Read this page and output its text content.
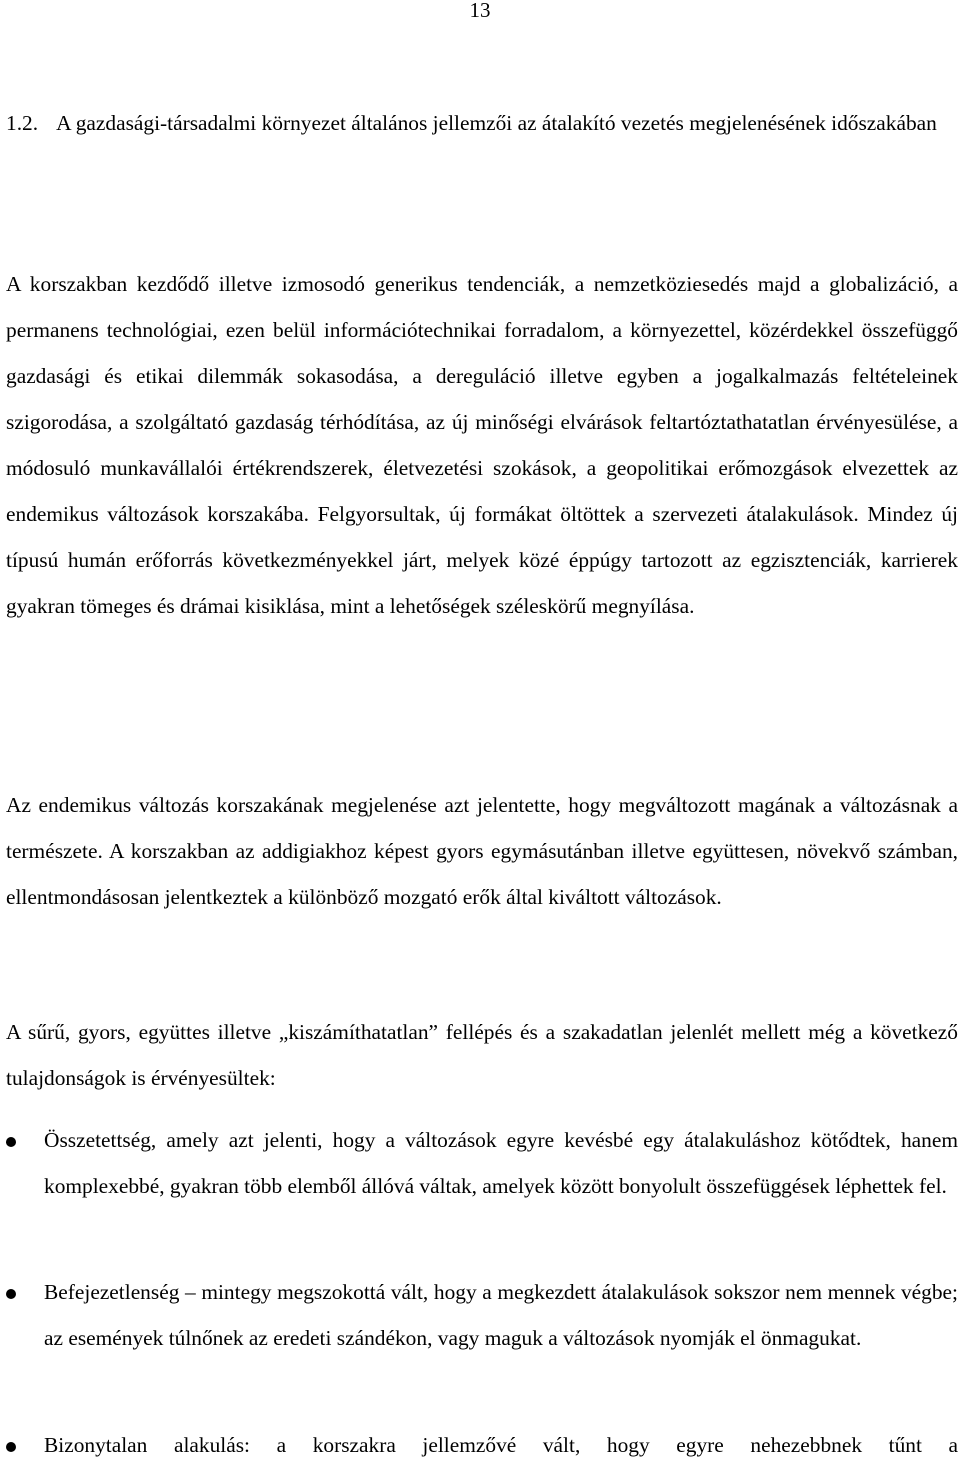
13
1.2. A gazdasági-társadalmi környezet általános jellemzői az átalakító vezetés megjelenésének időszakában

A korszakban kezdődő illetve izmosodó generikus tendenciák, a nemzetköziesedés majd a globalizáció, a permanens technológiai, ezen belül információtechnikai forradalom, a környezettel, közérdekkel összefüggő gazdasági és etikai dilemmák sokasodása, a dereguláció illetve egyben a jogalkalmazás feltételeinek szigorodása, a szolgáltató gazdaság térhódítása, az új minőségi elvárások feltartóztathatatlan érvényesülése, a módosuló munkavállalói értékrendszerek, életvezetési szokások, a geopolitikai erőmozgások elvezettek az endemikus változások korszakába. Felgyorsultak, új formákat öltöttek a szervezeti átalakulások. Mindez új típusú humán erőforrás következményekkel járt, melyek közé éppúgy tartozott az egzisztenciák, karrierek gyakran tömeges és drámai kisiklása, mint a lehetőségek széleskörű megnyílása.

Az endemikus változás korszakának megjelenése azt jelentette, hogy megváltozott magának a változásnak a természete. A korszakban az addigiakhoz képest gyors egymásutánban illetve együttesen, növekvő számban, ellentmondásosan jelentkeztek a különböző mozgató erők által kiváltott változások.

A sűrű, gyors, együttes illetve „kiszámíthatatlan” fellépés és a szakadatlan jelenlét mellett még a következő tulajdonságok is érvényesültek:

Összetettség, amely azt jelenti, hogy a változások egyre kevésbé egy átalakuláshoz kötődtek, hanem komplexebbé, gyakran több elemből állóvá váltak, amelyek között bonyolult összefüggések léphettek fel.

Befejezetlenség – mintegy megszokottá vált, hogy a megkezdett átalakulások sokszor nem mennek végbe; az események túlnőnek az eredeti szándékon, vagy maguk a változások nyomják el önmagukat.

Bizonytalan alakulás: a korszakra jellemzővé vált, hogy egyre nehezebbnek tűnt a
